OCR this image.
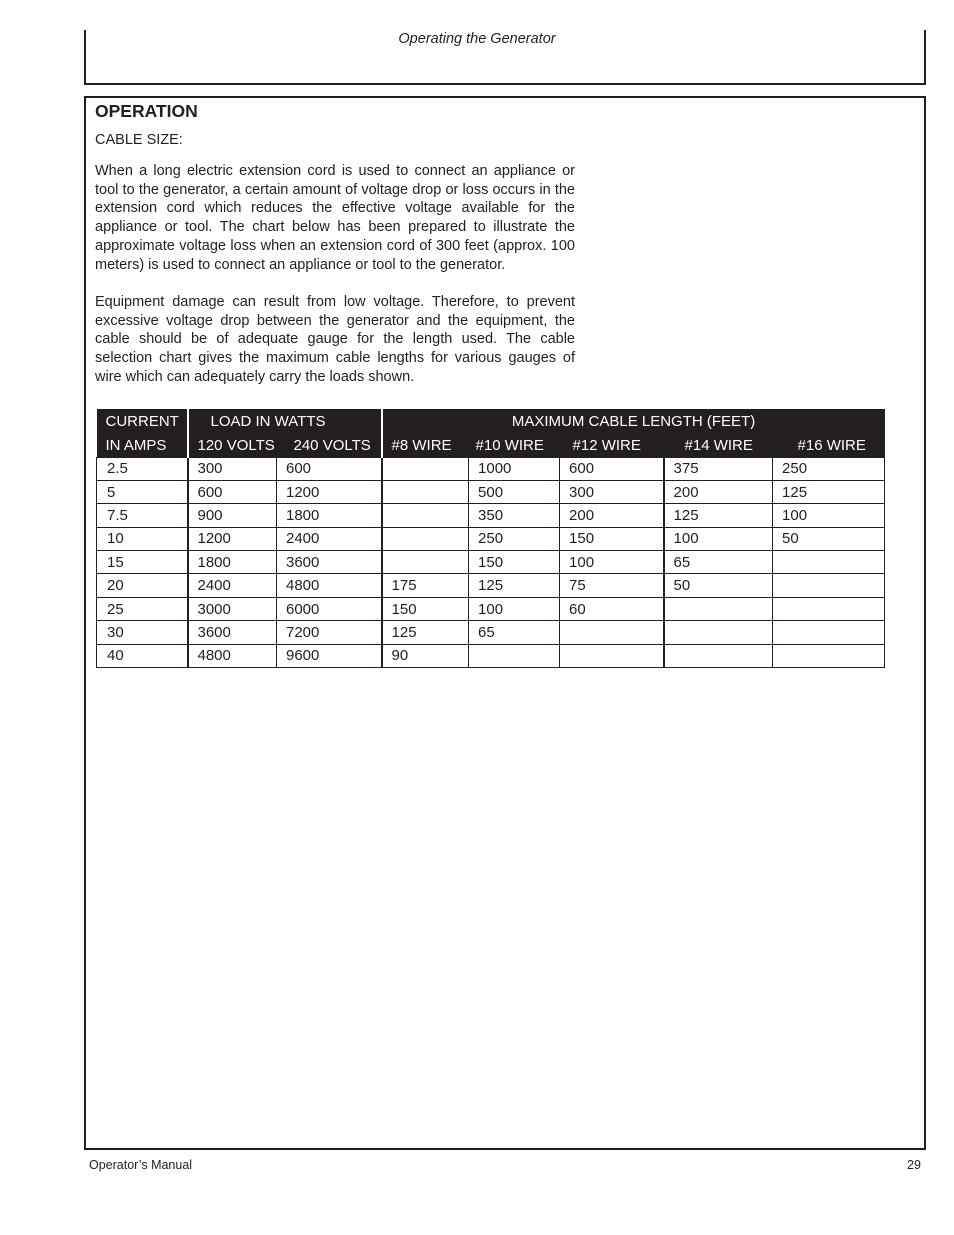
Operating the Generator
OPERATION
CABLE SIZE:

When a long electric extension cord is used to connect an appliance or tool to the generator, a certain amount of voltage drop or loss occurs in the extension cord which reduces the effective voltage available for the appliance or tool. The chart below has been prepared to illustrate the approximate voltage loss when an extension cord of 300 feet (approx. 100 meters) is used to connect an appliance or tool to the generator.

Equipment damage can result from low voltage. Therefore, to prevent excessive voltage drop between the generator and the equipment, the cable should be of adequate gauge for the length used. The cable selection chart gives the maximum cable lengths for various gauges of wire which can adequately carry the loads shown.

CURRENT	LOAD IN WATTS		MAXIMUM CABLE LENGTH (FEET)				
IN AMPS	120 VOLTS	240 VOLTS	#8 WIRE	#10 WIRE	#12 WIRE	#14 WIRE	#16 WIRE
2.5	300	600		1000	600	375	250
5	600	1200		500	300	200	125
7.5	900	1800		350	200	125	100
10	1200	2400		250	150	100	50
15	1800	3600		150	100	65	
20	2400	4800	175	125	75	50	
25	3000	6000	150	100	60		
30	3600	7200	125	65			
40	4800	9600	90				
Operator’s Manual	29
